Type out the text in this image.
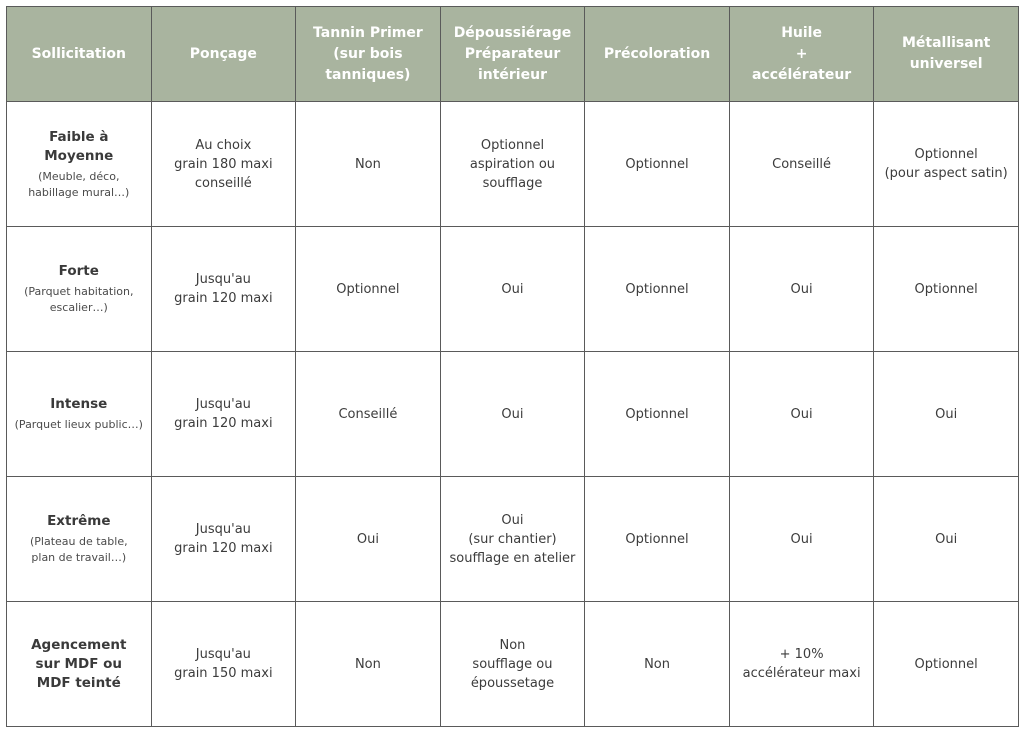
Sollicitation	Ponçage	Tannin Primer
(sur bois
tanniques)	Dépoussiérage
Préparateur
intérieur	Précoloration	Huile
+
accélérateur	Métallisant
universel

Faible à Moyenne
(Meuble, déco,
habillage mural…)	Au choix
grain 180 maxi
conseillé	Non	Optionnel
aspiration ou
soufflage	Optionnel	Conseillé	Optionnel
(pour aspect satin)

Forte
(Parquet habitation,
escalier…)	Jusqu'au
grain 120 maxi	Optionnel	Oui	Optionnel	Oui	Optionnel

Intense
(Parquet lieux public…)	Jusqu'au
grain 120 maxi	Conseillé	Oui	Optionnel	Oui	Oui

Extrême
(Plateau de table,
plan de travail…)	Jusqu'au
grain 120 maxi	Oui	Oui
(sur chantier)
soufflage en atelier	Optionnel	Oui	Oui

Agencement
sur MDF ou
MDF teinté	Jusqu'au
grain 150 maxi	Non	Non
soufflage ou
époussetage	Non	+ 10%
accélérateur maxi	Optionnel
